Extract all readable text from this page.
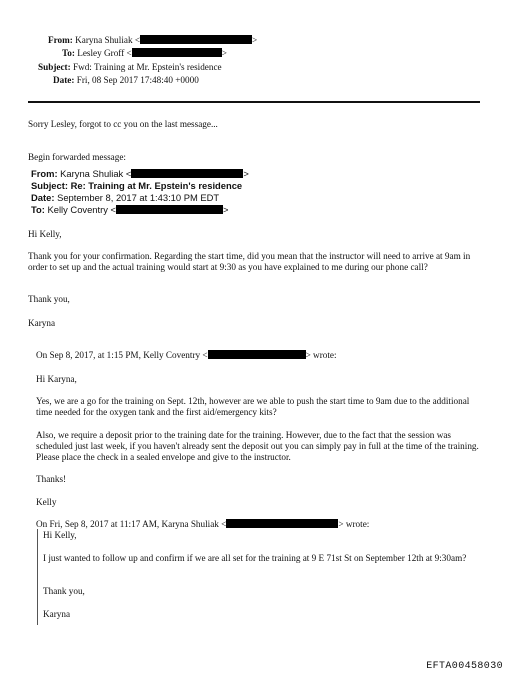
From: Karyna Shuliak <	>
To: Lesley Groff <	>
Subject: Fwd: Training at Mr. Epstein's residence
Date: Fri, 08 Sep 2017 17:48:40 +0000
Sorry Lesley, forgot to cc you on the last message...
Begin forwarded message:
From: Karyna Shuliak <	>
Subject: Re: Training at Mr. Epstein's residence
Date: September 8, 2017 at 1:43:10 PM EDT
To: Kelly Coventry <	>
Hi Kelly,
Thank you for your confirmation. Regarding the start time, did you mean that the instructor will need to arrive at 9am in order to set up and the actual training would start at 9:30 as you have explained to me during our phone call?
Thank you,
Karyna
On Sep 8, 2017, at 1:15 PM, Kelly Coventry <	> wrote:
Hi Karyna,
Yes, we are a go for the training on Sept. 12th, however are we able to push the start time to 9am due to the additional time needed for the oxygen tank and the first aid/emergency kits?
Also, we require a deposit prior to the training date for the training. However, due to the fact that the session was scheduled just last week, if you haven't already sent the deposit out you can simply pay in full at the time of the training. Please place the check in a sealed envelope and give to the instructor.
Thanks!
Kelly
On Fri, Sep 8, 2017 at 11:17 AM, Karyna Shuliak <	> wrote:
Hi Kelly,
I just wanted to follow up and confirm if we are all set for the training at 9 E 71st St on September 12th at 9:30am?
Thank you,
Karyna
EFTA00458030
